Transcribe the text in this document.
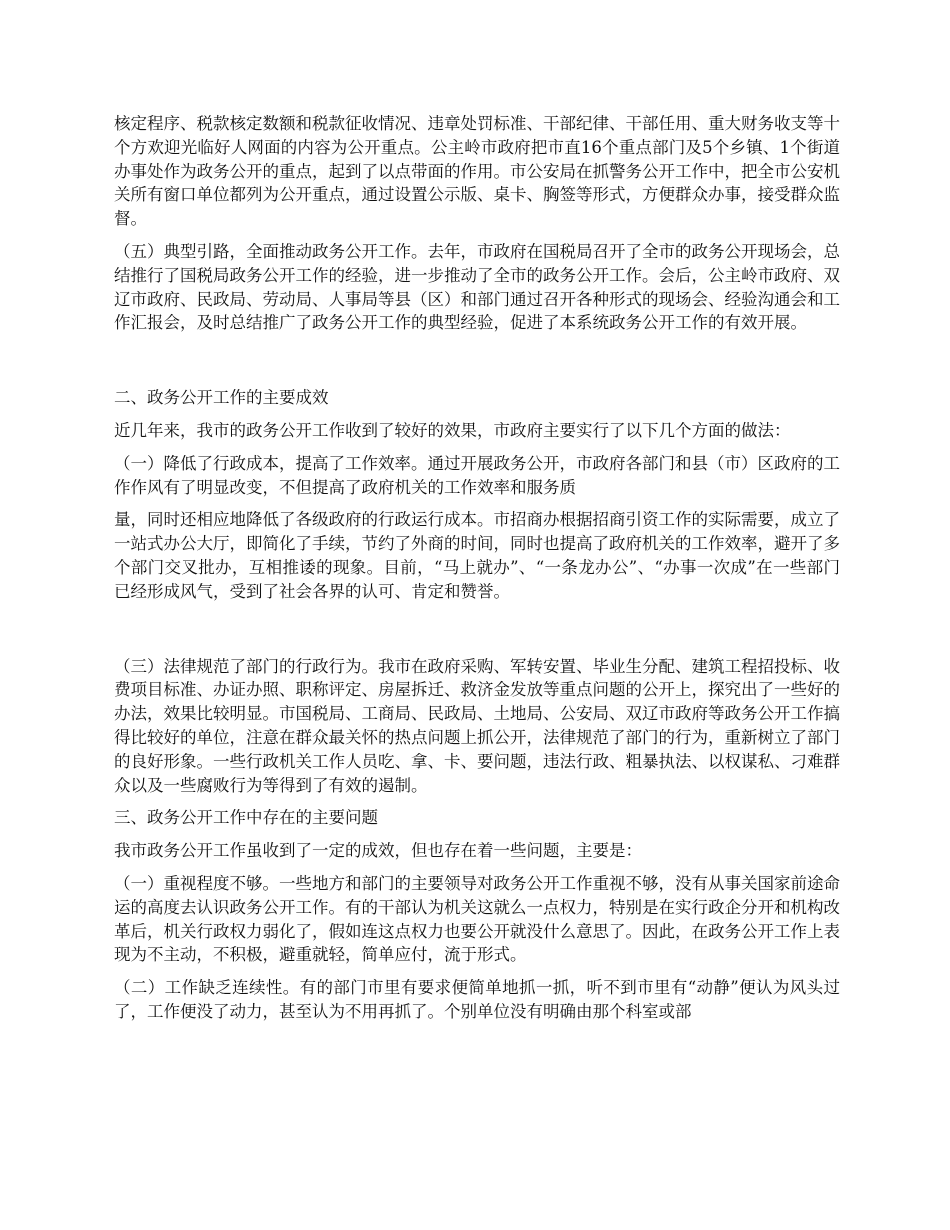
核定程序、税款核定数额和税款征收情况、违章处罚标准、干部纪律、干部任用、重大财务收支等十个方欢迎光临好人网面的内容为公开重点。公主岭市政府把市直16个重点部门及5个乡镇、1个街道办事处作为政务公开的重点，起到了以点带面的作用。市公安局在抓警务公开工作中，把全市公安机关所有窗口单位都列为公开重点，通过设置公示版、桌卡、胸签等形式，方便群众办事，接受群众监督。

（五）典型引路，全面推动政务公开工作。去年，市政府在国税局召开了全市的政务公开现场会，总结推行了国税局政务公开工作的经验，进一步推动了全市的政务公开工作。会后，公主岭市政府、双辽市政府、民政局、劳动局、人事局等县（区）和部门通过召开各种形式的现场会、经验沟通会和工作汇报会，及时总结推广了政务公开工作的典型经验，促进了本系统政务公开工作的有效开展。

二、政务公开工作的主要成效

近几年来，我市的政务公开工作收到了较好的效果，市政府主要实行了以下几个方面的做法：

（一）降低了行政成本，提高了工作效率。通过开展政务公开，市政府各部门和县（市）区政府的工作作风有了明显改变，不但提高了政府机关的工作效率和服务质

量，同时还相应地降低了各级政府的行政运行成本。市招商办根据招商引资工作的实际需要，成立了一站式办公大厅，即简化了手续，节约了外商的时间，同时也提高了政府机关的工作效率，避开了多个部门交叉批办，互相推诿的现象。目前，“马上就办”、“一条龙办公”、“办事一次成”在一些部门已经形成风气，受到了社会各界的认可、肯定和赞誉。

（三）法律规范了部门的行政行为。我市在政府采购、军转安置、毕业生分配、建筑工程招投标、收费项目标准、办证办照、职称评定、房屋拆迁、救济金发放等重点问题的公开上，探究出了一些好的办法，效果比较明显。市国税局、工商局、民政局、土地局、公安局、双辽市政府等政务公开工作搞得比较好的单位，注意在群众最关怀的热点问题上抓公开，法律规范了部门的行为，重新树立了部门的良好形象。一些行政机关工作人员吃、拿、卡、要问题，违法行政、粗暴执法、以权谋私、刁难群众以及一些腐败行为等得到了有效的遏制。

三、政务公开工作中存在的主要问题

我市政务公开工作虽收到了一定的成效，但也存在着一些问题，主要是：

（一）重视程度不够。一些地方和部门的主要领导对政务公开工作重视不够，没有从事关国家前途命运的高度去认识政务公开工作。有的干部认为机关这就么一点权力，特别是在实行政企分开和机构改革后，机关行政权力弱化了，假如连这点权力也要公开就没什么意思了。因此，在政务公开工作上表现为不主动，不积极，避重就轻，简单应付，流于形式。

（二）工作缺乏连续性。有的部门市里有要求便简单地抓一抓，听不到市里有“动静”便认为风头过了，工作便没了动力，甚至认为不用再抓了。个别单位没有明确由那个科室或部
